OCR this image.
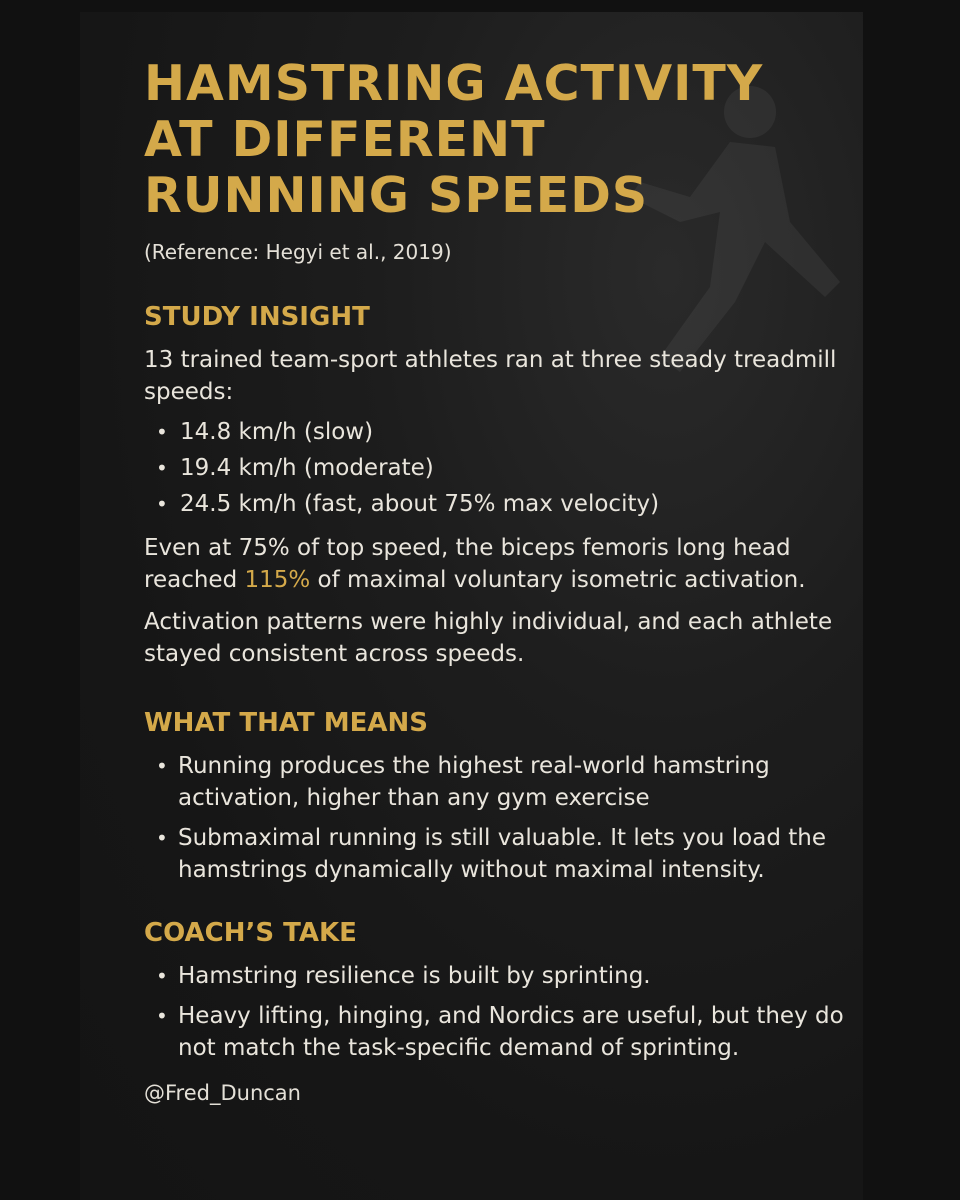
HAMSTRING ACTIVITY
AT DIFFERENT
RUNNING SPEEDS
(Reference: Hegyi et al., 2019)
STUDY INSIGHT

13 trained team-sport athletes ran at three steady treadmill speeds:

• 14.8 km/h (slow)
• 19.4 km/h (moderate)
• 24.5 km/h (fast, about 75% max velocity)

Even at 75% of top speed, the biceps femoris long head reached 115% of maximal voluntary isometric activation.

Activation patterns were highly individual, and each athlete stayed consistent across speeds.

WHAT THAT MEANS
• Running produces the highest real-world hamstring activation, higher than any gym exercise
• Submaximal running is still valuable. It lets you load the hamstrings dynamically without maximal intensity.
COACH’S TAKE
• Hamstring resilience is built by sprinting.
• Heavy lifting, hinging, and Nordics are useful, but they do not match the task-specific demand of sprinting.
@Fred_Duncan
